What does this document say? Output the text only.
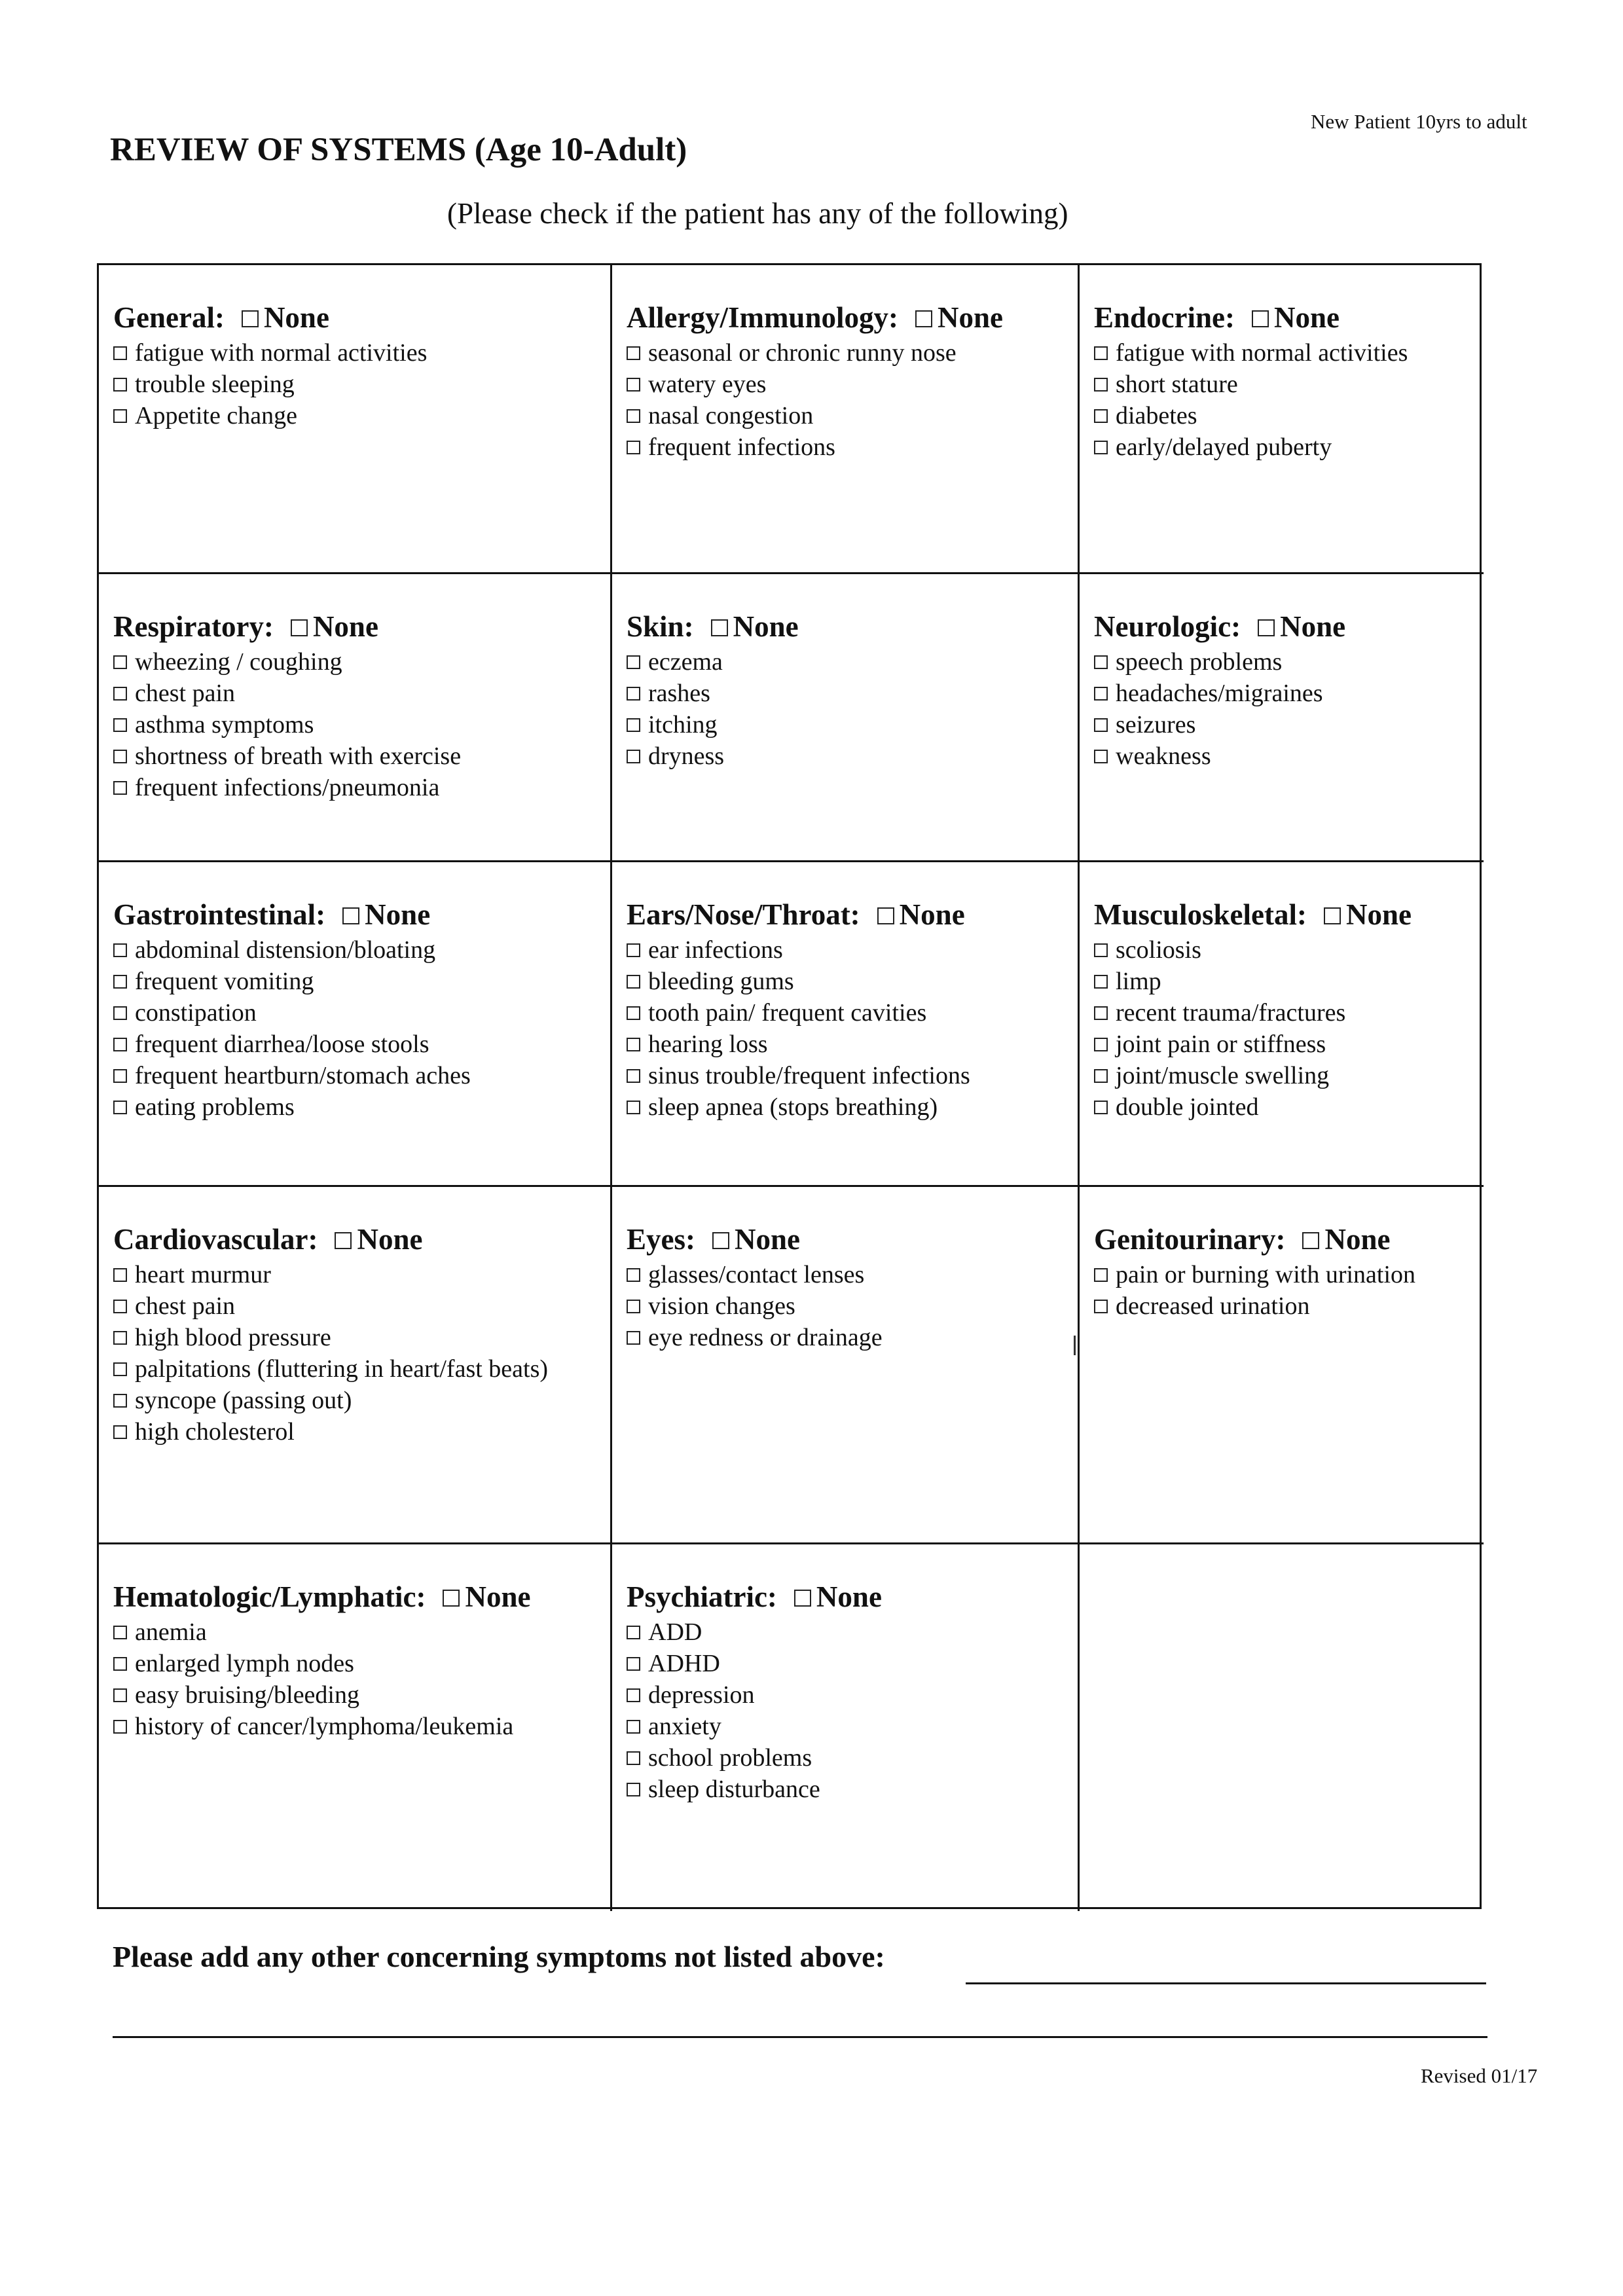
New Patient 10yrs to adult
REVIEW OF SYSTEMS (Age 10-Adult)
(Please check if the patient has any of the following)
General: None
fatigue with normal activities
trouble sleeping
Appetite change
Allergy/Immunology: None
seasonal or chronic runny nose
watery eyes
nasal congestion
frequent infections
Endocrine: None
fatigue with normal activities
short stature
diabetes
early/delayed puberty
Respiratory: None
wheezing / coughing
chest pain
asthma symptoms
shortness of breath with exercise
frequent infections/pneumonia
Skin: None
eczema
rashes
itching
dryness
Neurologic: None
speech problems
headaches/migraines
seizures
weakness
Gastrointestinal: None
abdominal distension/bloating
frequent vomiting
constipation
frequent diarrhea/loose stools
frequent heartburn/stomach aches
eating problems
Ears/Nose/Throat: None
ear infections
bleeding gums
tooth pain/ frequent cavities
hearing loss
sinus trouble/frequent infections
sleep apnea (stops breathing)
Musculoskeletal: None
scoliosis
limp
recent trauma/fractures
joint pain or stiffness
joint/muscle swelling
double jointed
Cardiovascular: None
heart murmur
chest pain
high blood pressure
palpitations (fluttering in heart/fast beats)
syncope (passing out)
high cholesterol
Eyes: None
glasses/contact lenses
vision changes
eye redness or drainage
Genitourinary: None
pain or burning with urination
decreased urination
Hematologic/Lymphatic: None
anemia
enlarged lymph nodes
easy bruising/bleeding
history of cancer/lymphoma/leukemia
Psychiatric: None
ADD
ADHD
depression
anxiety
school problems
sleep disturbance
Please add any other concerning symptoms not listed above:
Revised 01/17
